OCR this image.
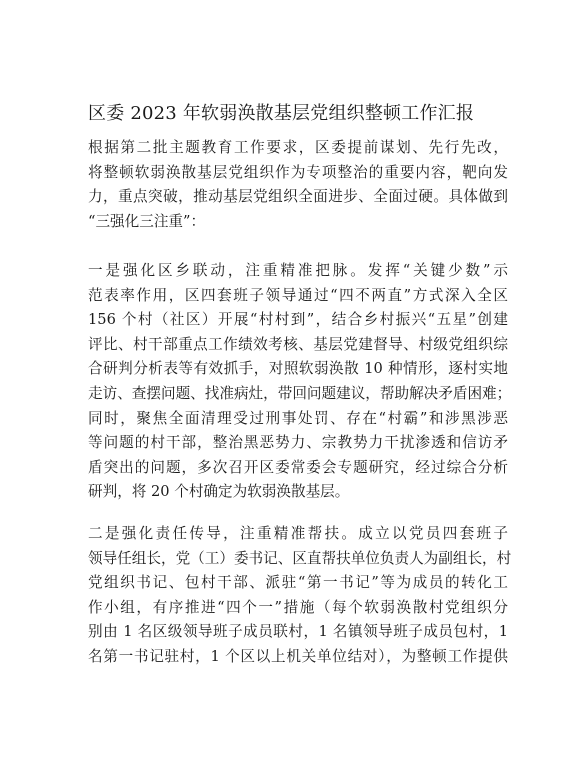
区委 2023 年软弱涣散基层党组织整顿工作汇报
根据第二批主题教育工作要求，区委提前谋划、先行先改，
将整顿软弱涣散基层党组织作为专项整治的重要内容，靶向发
力，重点突破，推动基层党组织全面进步、全面过硬。具体做到
“三强化三注重”：
一是强化区乡联动，注重精准把脉。发挥“关键少数”示
范表率作用，区四套班子领导通过“四不两直”方式深入全区
156 个村（社区）开展“村村到”，结合乡村振兴“五星”创建
评比、村干部重点工作绩效考核、基层党建督导、村级党组织综
合研判分析表等有效抓手，对照软弱涣散 10 种情形，逐村实地
走访、查摆问题、找准病灶，带回问题建议，帮助解决矛盾困难；
同时，聚焦全面清理受过刑事处罚、存在“村霸”和涉黑涉恶
等问题的村干部，整治黑恶势力、宗教势力干扰渗透和信访矛
盾突出的问题，多次召开区委常委会专题研究，经过综合分析
研判，将 20 个村确定为软弱涣散基层。
二是强化责任传导，注重精准帮扶。成立以党员四套班子
领导任组长，党（工）委书记、区直帮扶单位负责人为副组长，村
党组织书记、包村干部、派驻“第一书记”等为成员的转化工
作小组，有序推进“四个一”措施（每个软弱涣散村党组织分
别由 1 名区级领导班子成员联村，1 名镇领导班子成员包村，1
名第一书记驻村，1 个区以上机关单位结对），为整顿工作提供
